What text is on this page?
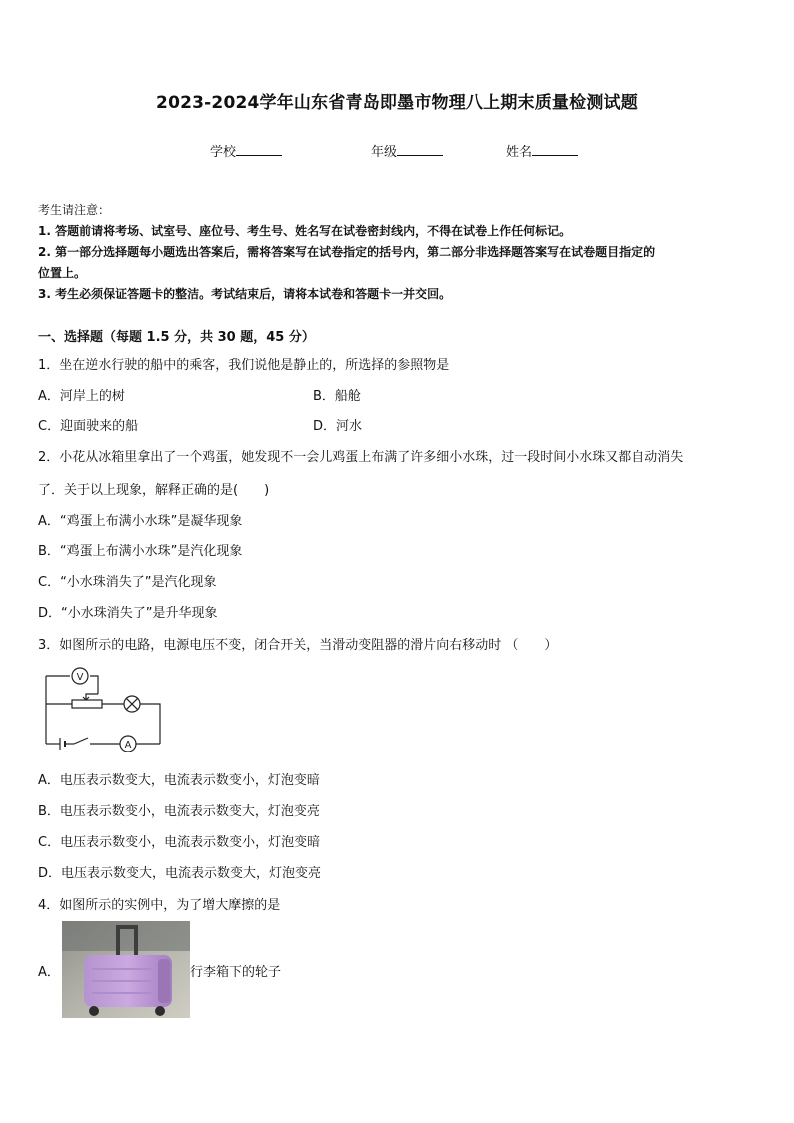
2023-2024学年山东省青岛即墨市物理八上期末质量检测试题
学校	年级	姓名
考生请注意：
1. 答题前请将考场、试室号、座位号、考生号、姓名写在试卷密封线内，不得在试卷上作任何标记。
2. 第一部分选择题每小题选出答案后，需将答案写在试卷指定的括号内，第二部分非选择题答案写在试卷题目指定的
位置上。
3. 考生必须保证答题卡的整洁。考试结束后，请将本试卷和答题卡一并交回。
一、选择题（每题 1.5 分，共 30 题，45 分）
1．坐在逆水行驶的船中的乘客，我们说他是静止的，所选择的参照物是
A．河岸上的树	B．船舱
C．迎面驶来的船	D．河水
2．小花从冰箱里拿出了一个鸡蛋，她发现不一会儿鸡蛋上布满了许多细小水珠，过一段时间小水珠又都自动消失
了．关于以上现象，解释正确的是(　　)
A．“鸡蛋上布满小水珠”是凝华现象
B．“鸡蛋上布满小水珠”是汽化现象
C．“小水珠消失了”是汽化现象
D．“小水珠消失了”是升华现象
3．如图所示的电路，电源电压不变，闭合开关，当滑动变阻器的滑片向右移动时 （　　）
V
A
A．电压表示数变大，电流表示数变小，灯泡变暗
B．电压表示数变小，电流表示数变大，灯泡变亮
C．电压表示数变小，电流表示数变小，灯泡变暗
D．电压表示数变大，电流表示数变大，灯泡变亮
4．如图所示的实例中，为了增大摩擦的是
A．	行李箱下的轮子
